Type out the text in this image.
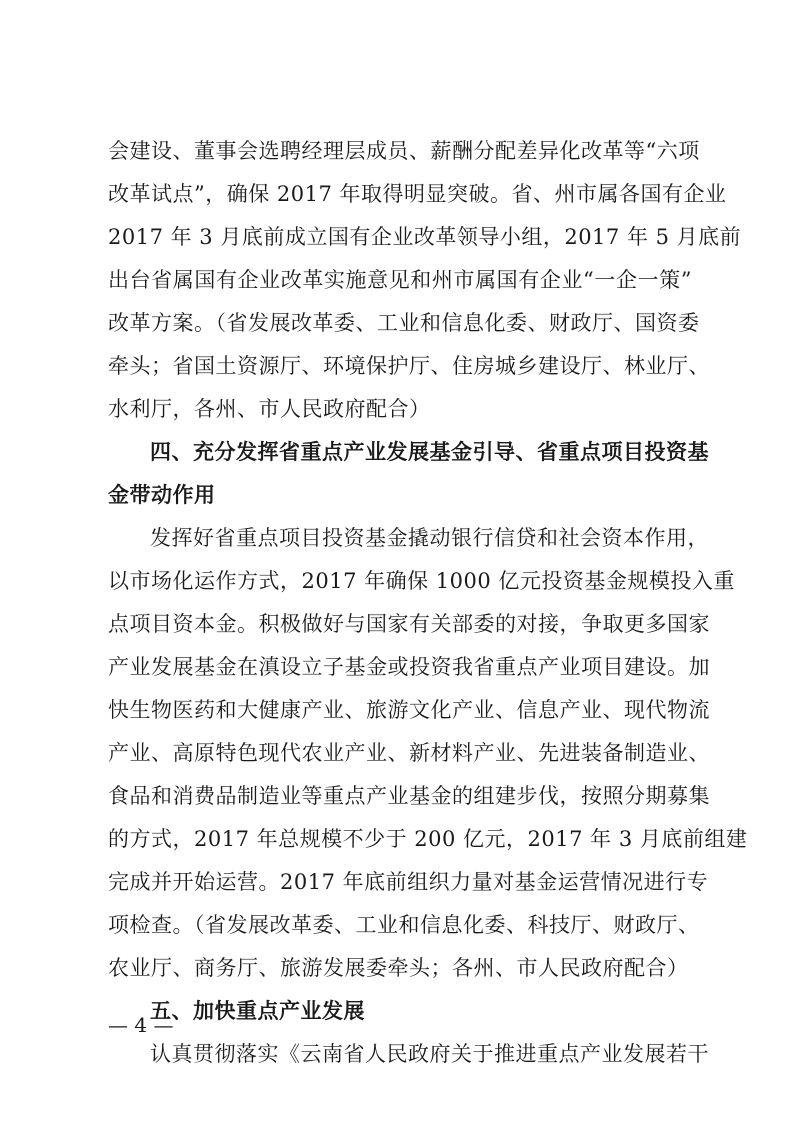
会建设、董事会选聘经理层成员、薪酬分配差异化改革等“六项
改革试点”，确保 2017 年取得明显突破。省、州市属各国有企业
2017 年 3 月底前成立国有企业改革领导小组，2017 年 5 月底前
出台省属国有企业改革实施意见和州市属国有企业“一企一策”
改革方案。（省发展改革委、工业和信息化委、财政厅、国资委
牵头；省国土资源厅、环境保护厅、住房城乡建设厅、林业厅、
水利厅，各州、市人民政府配合）
四、充分发挥省重点产业发展基金引导、省重点项目投资基
金带动作用
发挥好省重点项目投资基金撬动银行信贷和社会资本作用，
以市场化运作方式，2017 年确保 1000 亿元投资基金规模投入重
点项目资本金。积极做好与国家有关部委的对接，争取更多国家
产业发展基金在滇设立子基金或投资我省重点产业项目建设。加
快生物医药和大健康产业、旅游文化产业、信息产业、现代物流
产业、高原特色现代农业产业、新材料产业、先进装备制造业、
食品和消费品制造业等重点产业基金的组建步伐，按照分期募集
的方式，2017 年总规模不少于 200 亿元，2017 年 3 月底前组建
完成并开始运营。2017 年底前组织力量对基金运营情况进行专
项检查。（省发展改革委、工业和信息化委、科技厅、财政厅、
农业厅、商务厅、旅游发展委牵头；各州、市人民政府配合）
五、加快重点产业发展
认真贯彻落实《云南省人民政府关于推进重点产业发展若干
— 4 —
